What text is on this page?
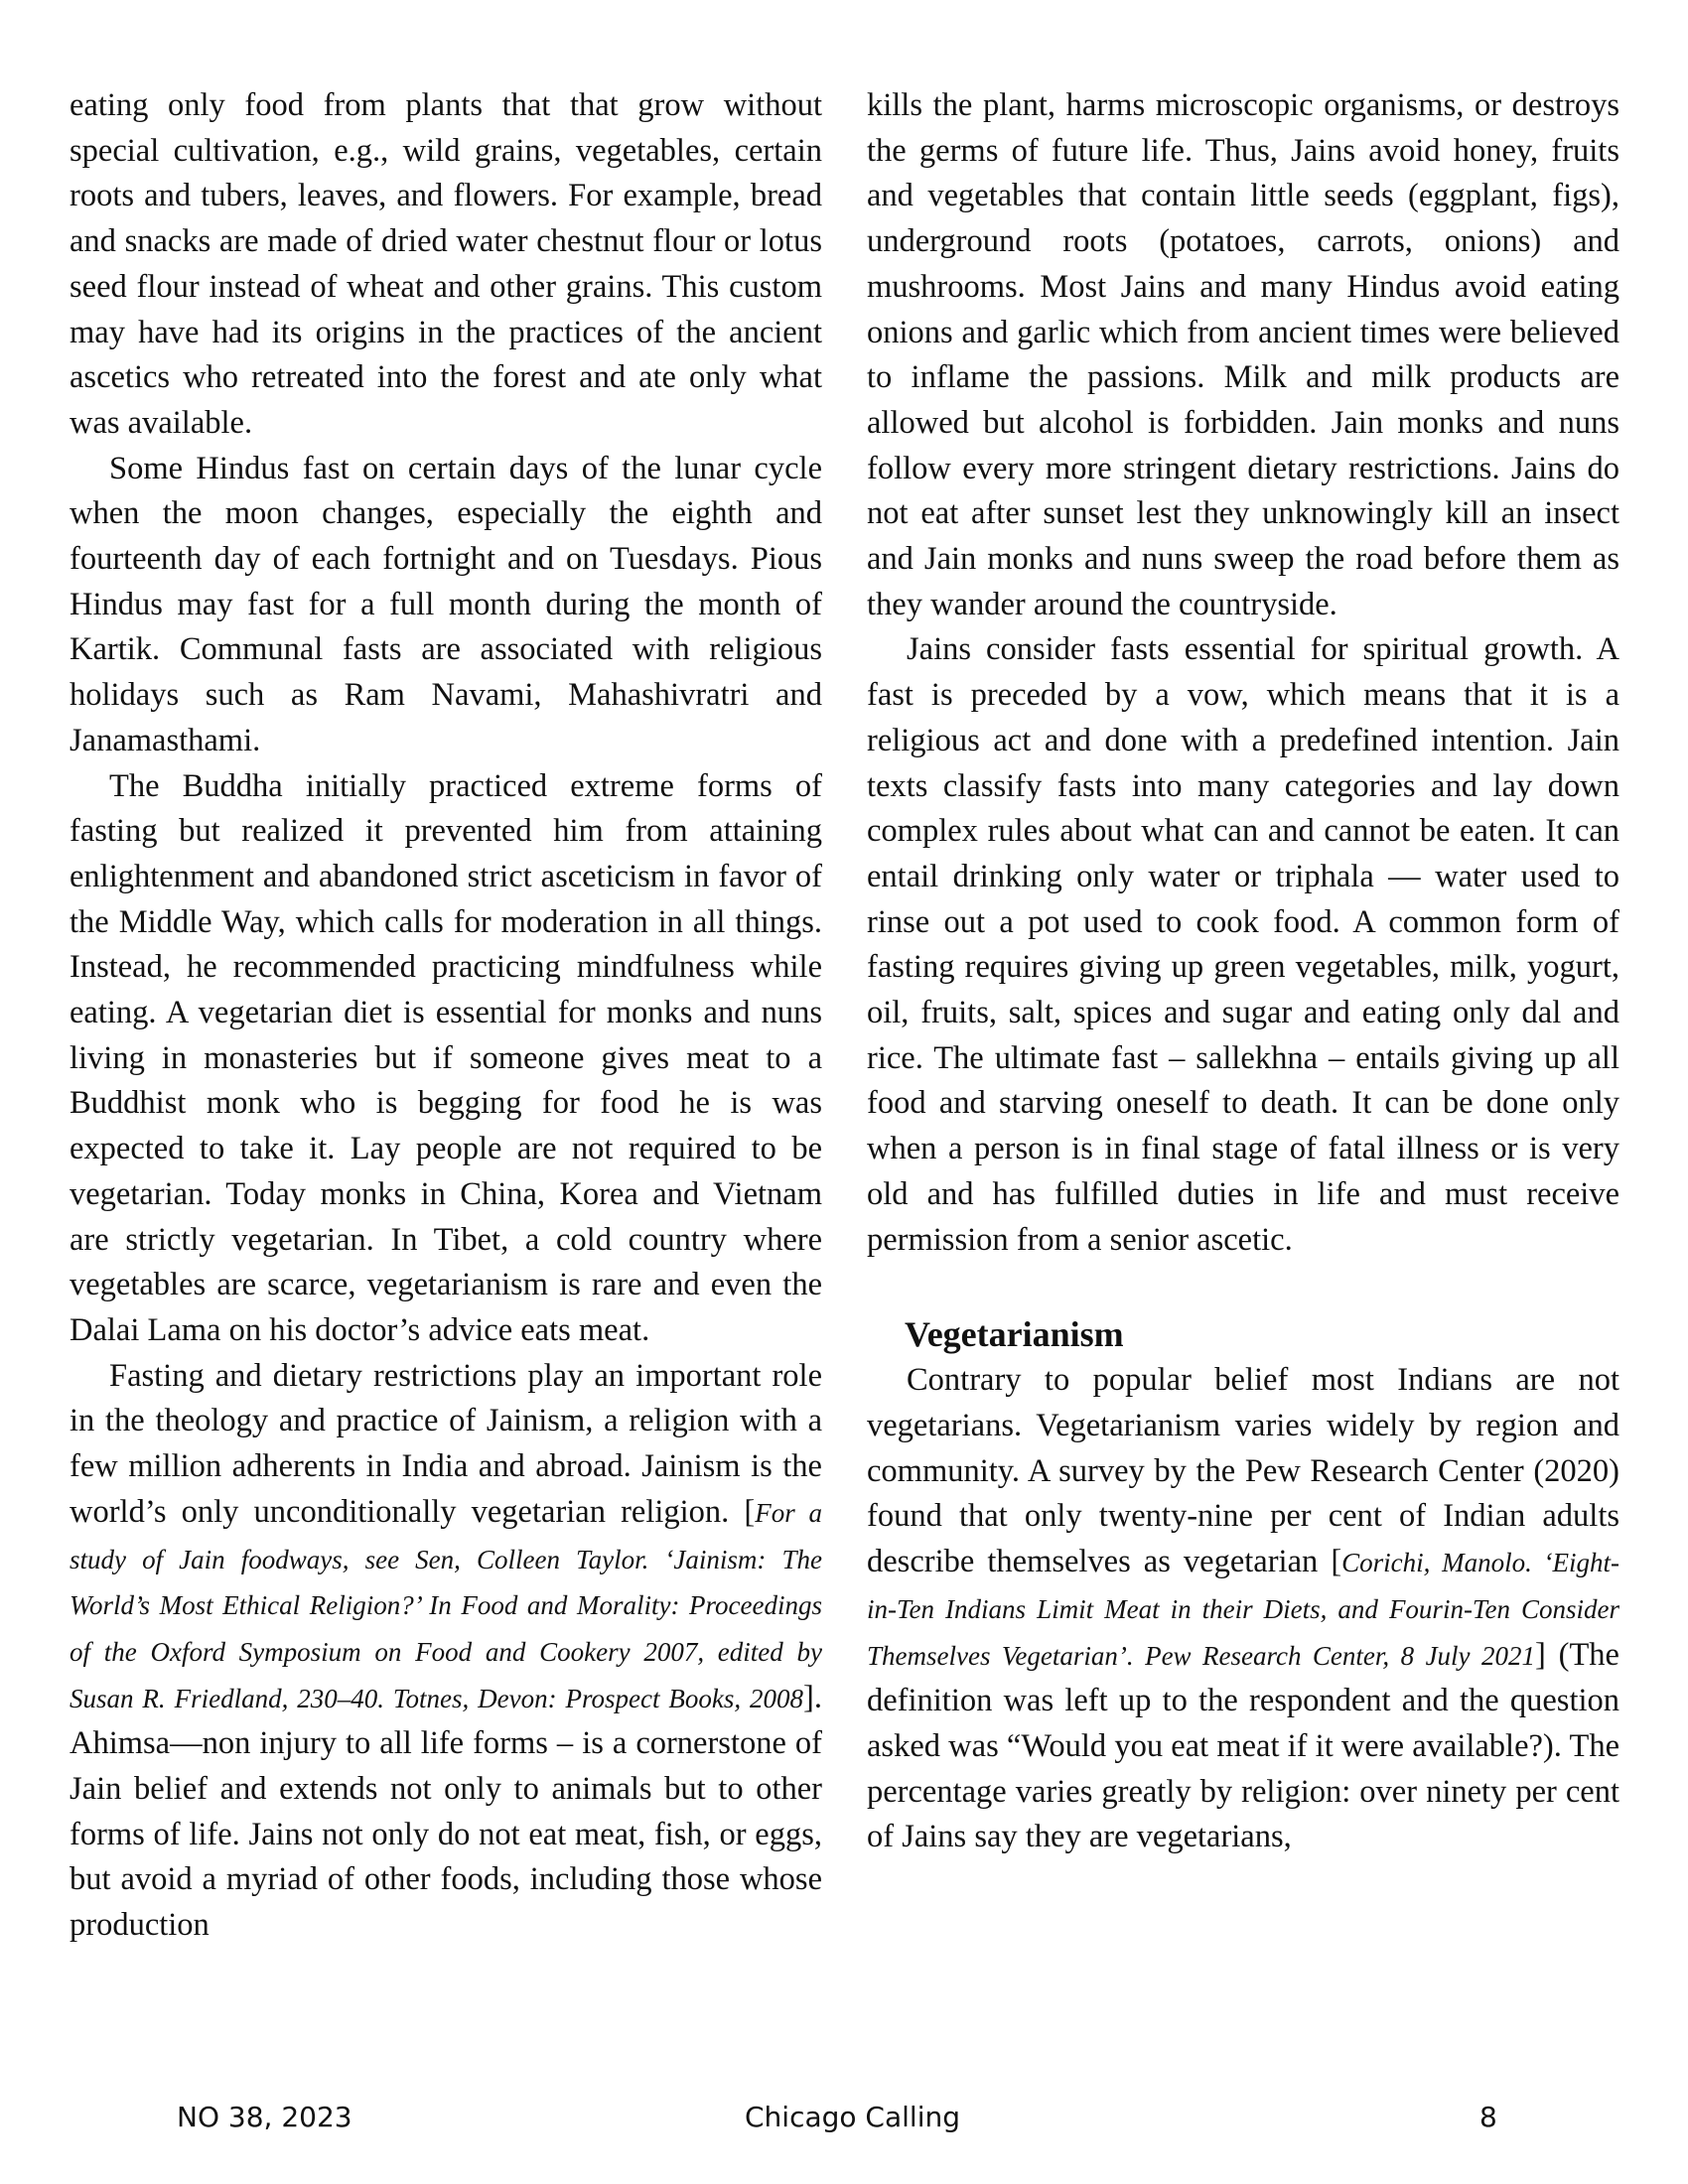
eating only food from plants that that grow without special cultivation, e.g., wild grains, vegetables, certain roots and tubers, leaves, and flowers. For example, bread and snacks are made of dried water chestnut flour or lotus seed flour instead of wheat and other grains. This custom may have had its origins in the practices of the ancient ascetics who retreated into the forest and ate only what was available.

Some Hindus fast on certain days of the lunar cycle when the moon changes, especially the eighth and fourteenth day of each fortnight and on Tuesdays. Pious Hindus may fast for a full month during the month of Kartik. Communal fasts are associated with religious holidays such as Ram Navami, Mahashivratri and Janamasthami.

The Buddha initially practiced extreme forms of fasting but realized it prevented him from attaining enlightenment and abandoned strict asceticism in favor of the Middle Way, which calls for moderation in all things. Instead, he recommended practicing mindfulness while eating. A vegetarian diet is essential for monks and nuns living in monasteries but if someone gives meat to a Buddhist monk who is begging for food he is was expected to take it. Lay people are not required to be vegetarian. Today monks in China, Korea and Vietnam are strictly vegetarian. In Tibet, a cold country where vegetables are scarce, vegetarianism is rare and even the Dalai Lama on his doctor’s advice eats meat.

Fasting and dietary restrictions play an important role in the theology and practice of Jainism, a religion with a few million adherents in India and abroad. Jainism is the world’s only unconditionally vegetarian religion. [For a study of Jain foodways, see Sen, Colleen Taylor. ‘Jainism: The World’s Most Ethical Religion?’ In Food and Morality: Proceedings of the Oxford Symposium on Food and Cookery 2007, edited by Susan R. Friedland, 230–40. Totnes, Devon: Prospect Books, 2008]. Ahimsa—non injury to all life forms – is a cornerstone of Jain belief and extends not only to animals but to other forms of life. Jains not only do not eat meat, fish, or eggs, but avoid a myriad of other foods, including those whose production

kills the plant, harms microscopic organisms, or destroys the germs of future life. Thus, Jains avoid honey, fruits and vegetables that contain little seeds (eggplant, figs), underground roots (potatoes, carrots, onions) and mushrooms. Most Jains and many Hindus avoid eating onions and garlic which from ancient times were believed to inflame the passions. Milk and milk products are allowed but alcohol is forbidden. Jain monks and nuns follow every more stringent dietary restrictions. Jains do not eat after sunset lest they unknowingly kill an insect and Jain monks and nuns sweep the road before them as they wander around the countryside.

Jains consider fasts essential for spiritual growth. A fast is preceded by a vow, which means that it is a religious act and done with a predefined intention. Jain texts classify fasts into many categories and lay down complex rules about what can and cannot be eaten. It can entail drinking only water or triphala — water used to rinse out a pot used to cook food. A common form of fasting requires giving up green vegetables, milk, yogurt, oil, fruits, salt, spices and sugar and eating only dal and rice. The ultimate fast – sallekhna – entails giving up all food and starving oneself to death. It can be done only when a person is in final stage of fatal illness or is very old and has fulfilled duties in life and must receive permission from a senior ascetic.

Vegetarianism

Contrary to popular belief most Indians are not vegetarians. Vegetarianism varies widely by region and community. A survey by the Pew Research Center (2020) found that only twenty-nine per cent of Indian adults describe themselves as vegetarian [Corichi, Manolo. ‘Eight-in-Ten Indians Limit Meat in their Diets, and Fourin-Ten Consider Themselves Vegetarian’. Pew Research Center, 8 July 2021] (The definition was left up to the respondent and the question asked was “Would you eat meat if it were available?). The percentage varies greatly by religion: over ninety per cent of Jains say they are vegetarians,

NO 38, 2023	Chicago Calling	8
